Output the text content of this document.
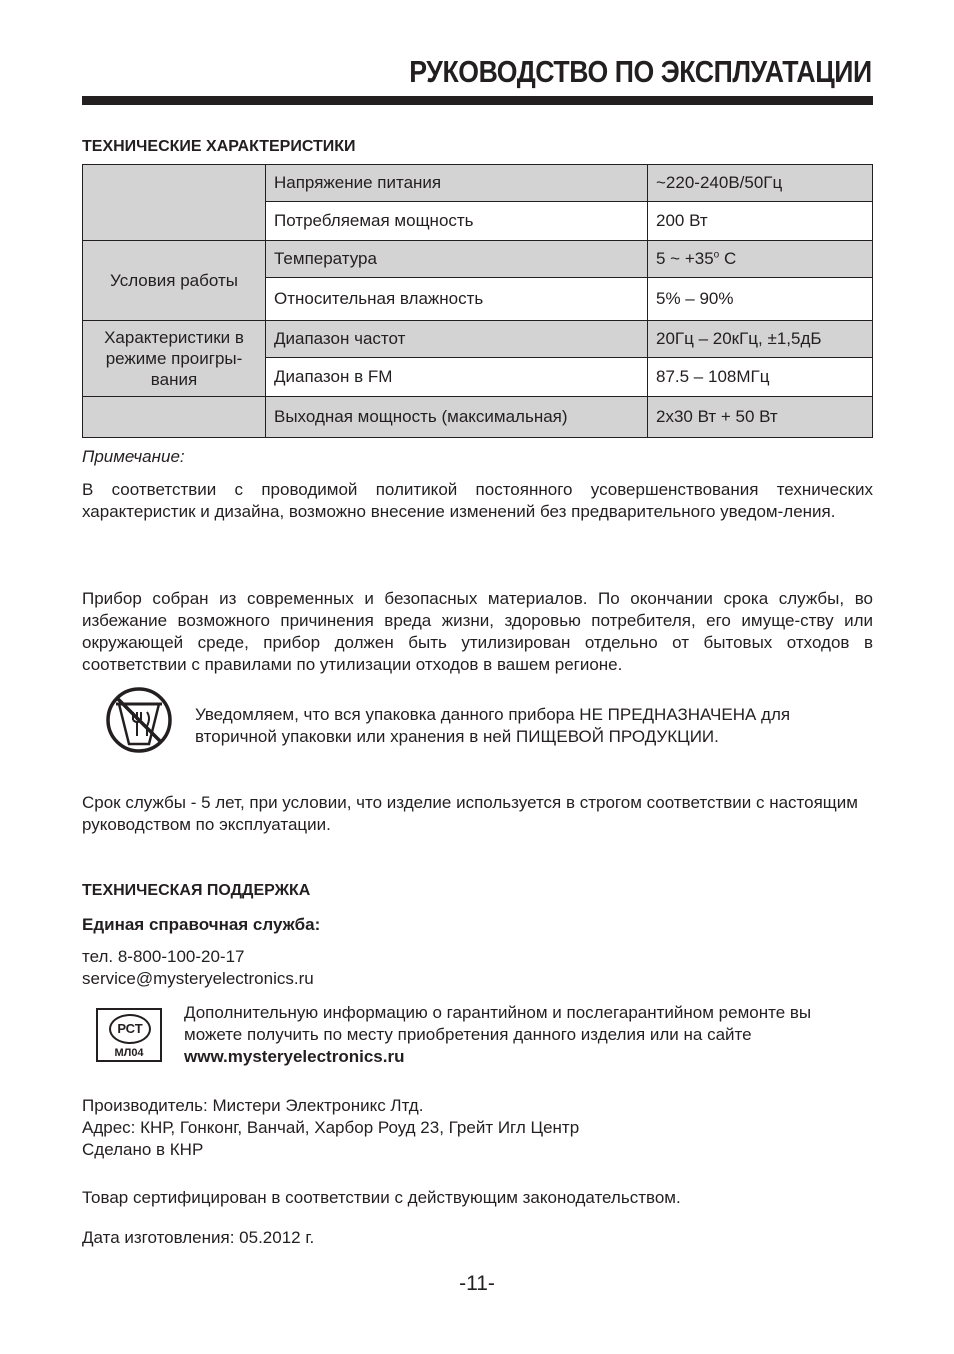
РУКОВОДСТВО ПО ЭКСПЛУАТАЦИИ
ТЕХНИЧЕСКИЕ ХАРАКТЕРИСТИКИ
	Напряжение питания	~220-240В/50Гц
	Потребляемая мощность	200 Вт
Условия работы	Температура	5 ~ $+35^о$ С
	Относительная влажность	5% – 90%
Характеристики в режиме проигры-вания	Диапазон частот	20Гц – 20кГц, ±1,5дБ
	Диапазон в FM	87.5 – 108МГц
	Выходная мощность (максимальная)	2x30 Вт + 50 Вт
Примечание:
В соответствии с проводимой политикой постоянного усовершенствования технических характеристик и дизайна, возможно внесение изменений без предварительного уведом-ления.
Прибор собран из современных и безопасных материалов. По окончании срока службы, во избежание возможного причинения вреда жизни, здоровью потребителя, его имуще-ству или окружающей среде, прибор должен быть утилизирован отдельно от бытовых отходов в соответствии с правилами по утилизации отходов в вашем регионе.
Уведомляем, что вся упаковка данного прибора НЕ ПРЕДНАЗНАЧЕНА для вторичной упаковки или хранения в ней ПИЩЕВОЙ ПРОДУКЦИИ.
Срок службы - 5 лет, при условии, что изделие используется в строгом соответствии с настоящим руководством по эксплуатации.
ТЕХНИЧЕСКАЯ ПОДДЕРЖКА
Единая справочная служба:
тел. 8-800-100-20-17
service@mysteryelectronics.ru
РСТ
МЛ04
Дополнительную информацию о гарантийном и послегарантийном ремонте вы можете получить по месту приобретения данного изделия или на сайте
www.mysteryelectronics.ru
Производитель: Мистери Электроникс Лтд.
Адрес: КНР, Гонконг, Ванчай, Харбор Роуд 23, Грейт Игл Центр
Сделано в КНР
Товар сертифицирован в соответствии с действующим законодательством.
Дата изготовления: 05.2012 г.
-11-
